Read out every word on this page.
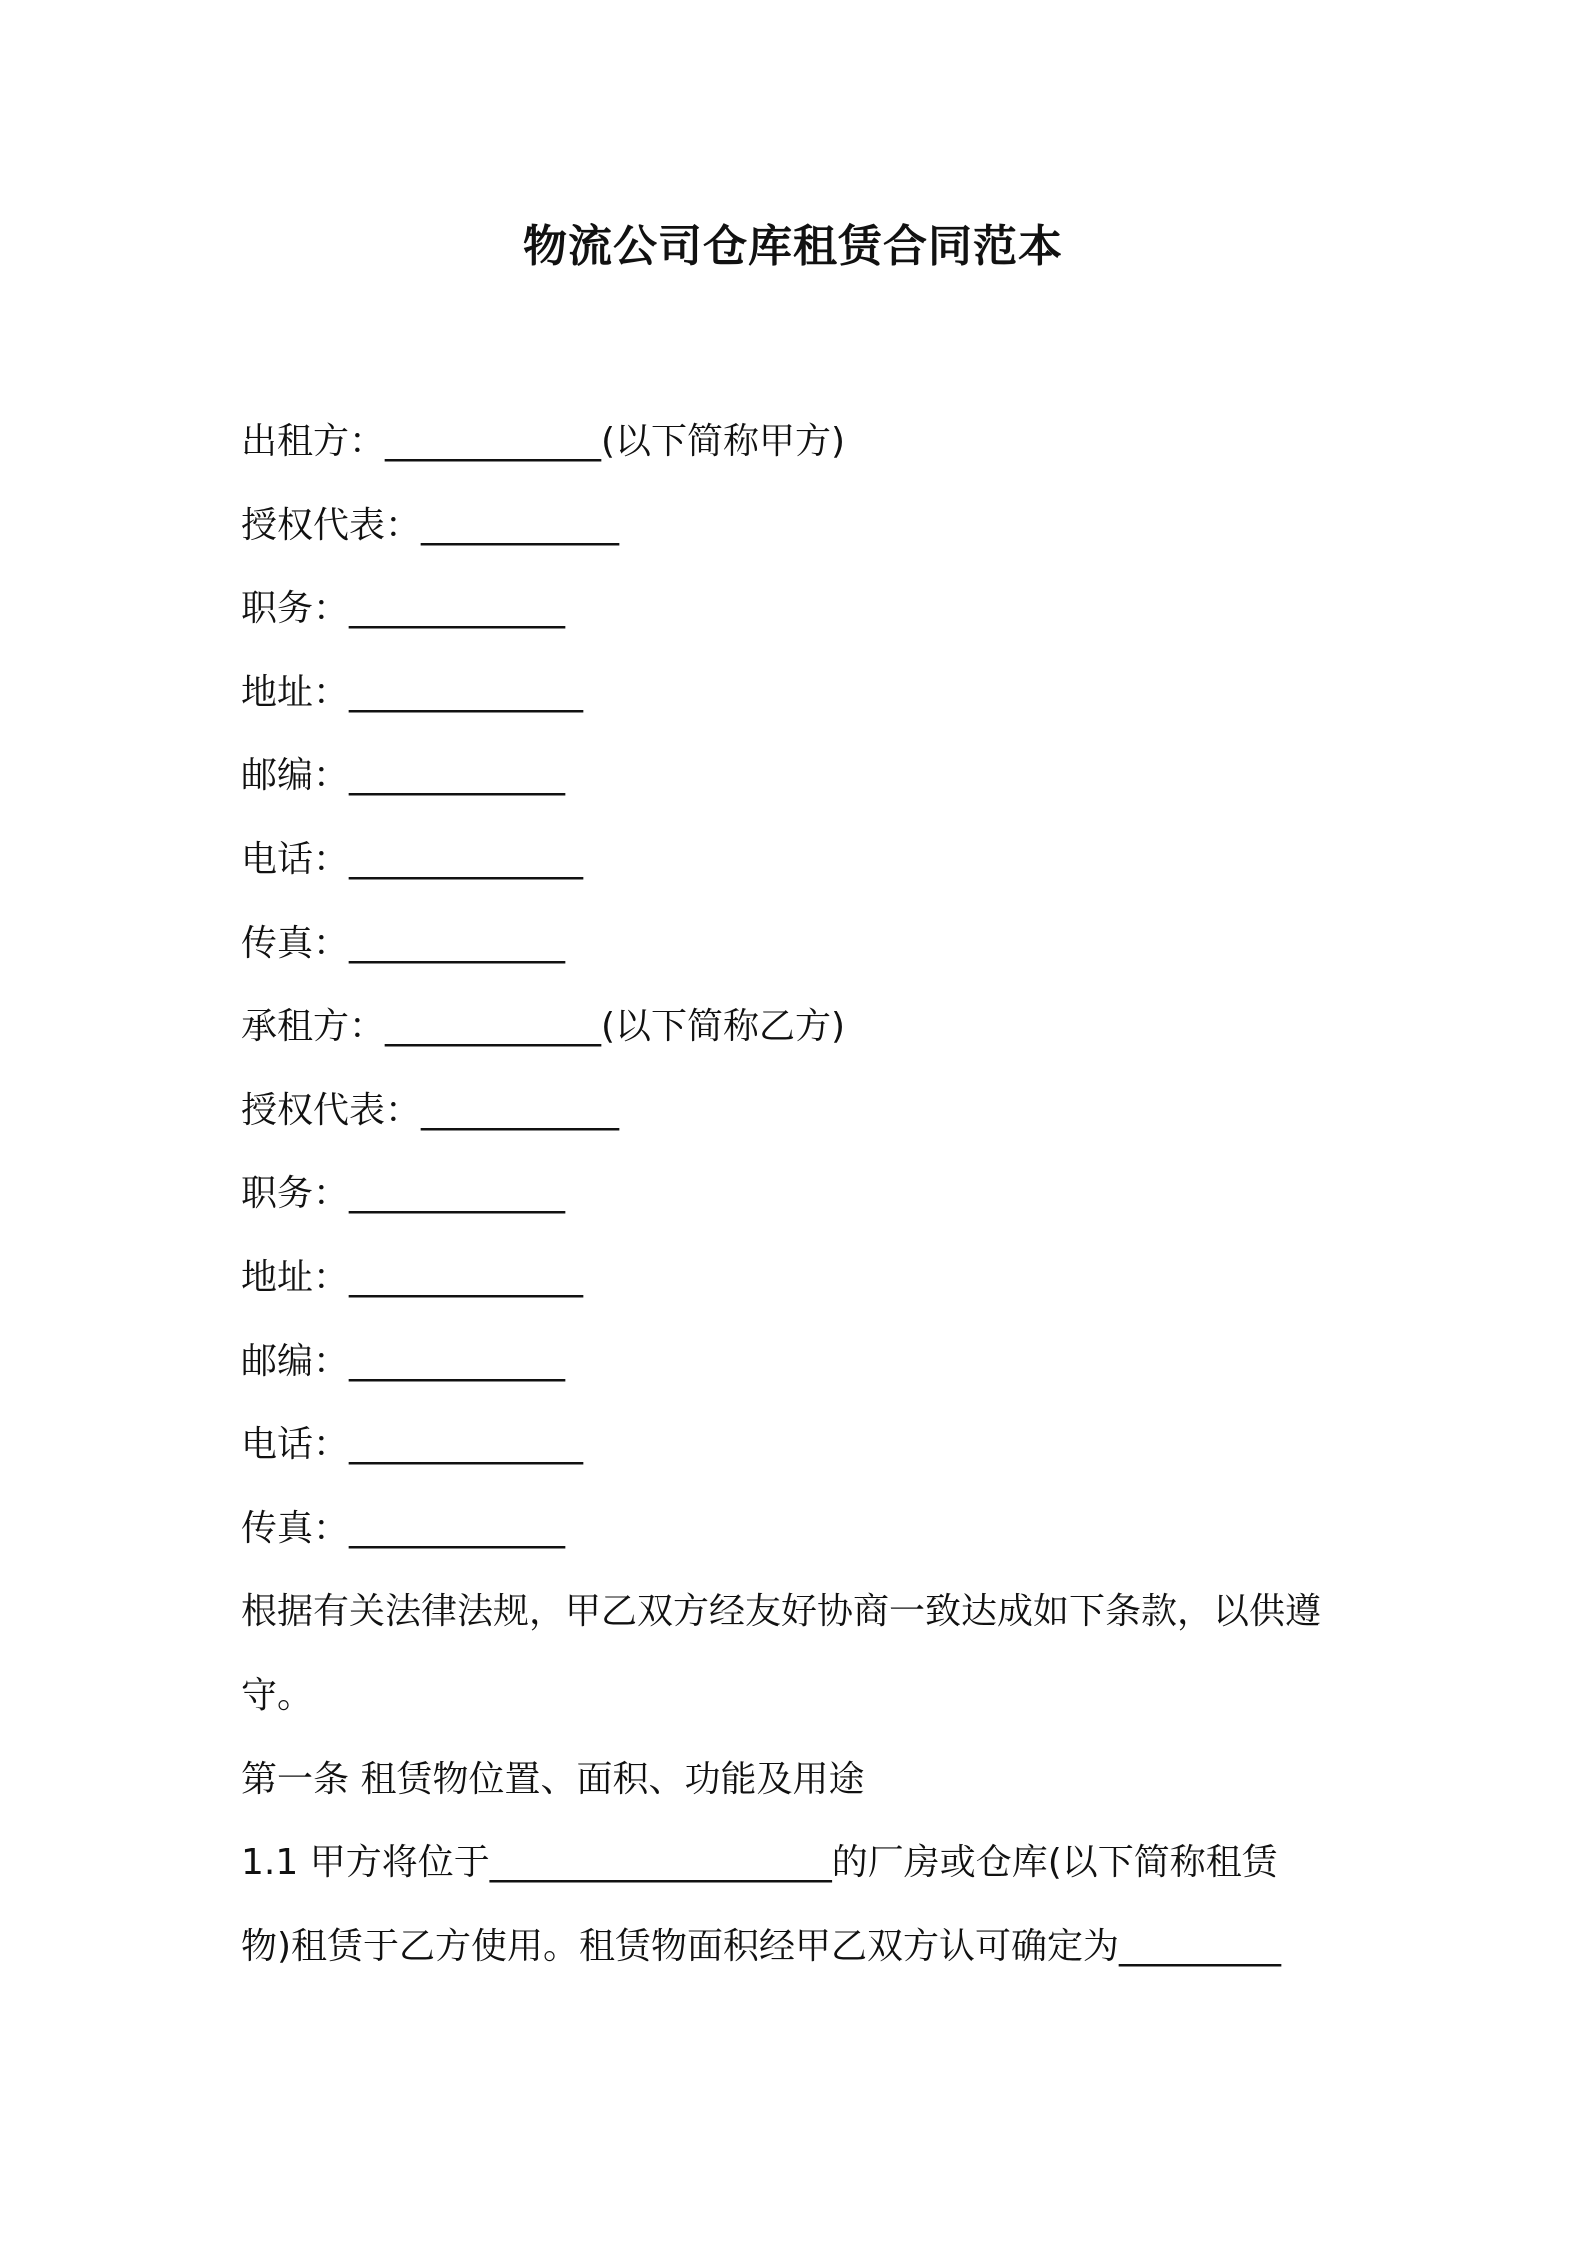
物流公司仓库租赁合同范本
出租方：____________(以下简称甲方)
授权代表：___________
职务：____________
地址：_____________
邮编：____________
电话：_____________
传真：____________
承租方：____________(以下简称乙方)
授权代表：___________
职务：____________
地址：_____________
邮编：____________
电话：_____________
传真：____________
根据有关法律法规，甲乙双方经友好协商一致达成如下条款，以供遵
守。
第一条 租赁物位置、面积、功能及用途
1.1 甲方将位于___________________的厂房或仓库(以下简称租赁
物)租赁于乙方使用。租赁物面积经甲乙双方认可确定为_________
